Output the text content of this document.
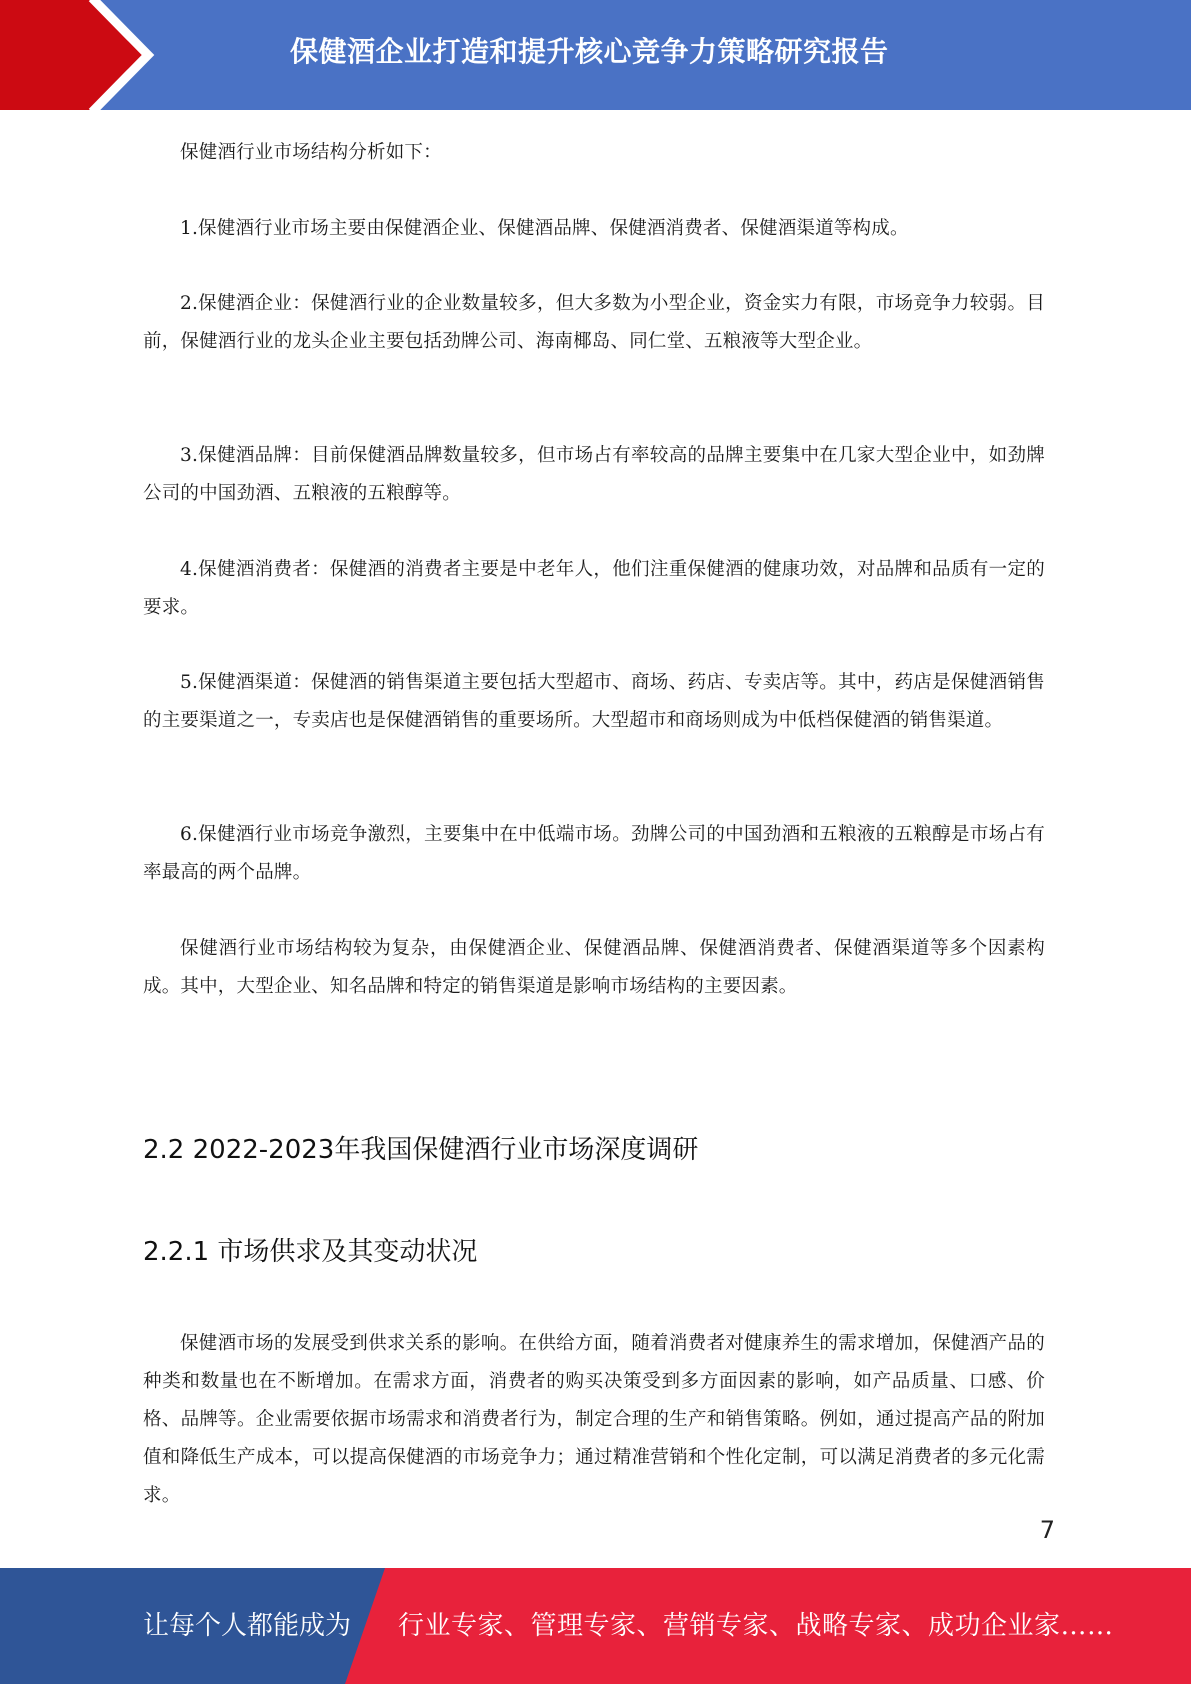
保健酒企业打造和提升核心竞争力策略研究报告

保健酒行业市场结构分析如下：

1.保健酒行业市场主要由保健酒企业、保健酒品牌、保健酒消费者、保健酒渠道等构成。

2.保健酒企业：保健酒行业的企业数量较多，但大多数为小型企业，资金实力有限，市场竞争力较弱。目前，保健酒行业的龙头企业主要包括劲牌公司、海南椰岛、同仁堂、五粮液等大型企业。

3.保健酒品牌：目前保健酒品牌数量较多，但市场占有率较高的品牌主要集中在几家大型企业中，如劲牌公司的中国劲酒、五粮液的五粮醇等。

4.保健酒消费者：保健酒的消费者主要是中老年人，他们注重保健酒的健康功效，对品牌和品质有一定的要求。

5.保健酒渠道：保健酒的销售渠道主要包括大型超市、商场、药店、专卖店等。其中，药店是保健酒销售的主要渠道之一，专卖店也是保健酒销售的重要场所。大型超市和商场则成为中低档保健酒的销售渠道。

6.保健酒行业市场竞争激烈，主要集中在中低端市场。劲牌公司的中国劲酒和五粮液的五粮醇是市场占有率最高的两个品牌。

保健酒行业市场结构较为复杂，由保健酒企业、保健酒品牌、保健酒消费者、保健酒渠道等多个因素构成。其中，大型企业、知名品牌和特定的销售渠道是影响市场结构的主要因素。

2.2 2022-2023年我国保健酒行业市场深度调研
2.2.1 市场供求及其变动状况

保健酒市场的发展受到供求关系的影响。在供给方面，随着消费者对健康养生的需求增加，保健酒产品的种类和数量也在不断增加。在需求方面，消费者的购买决策受到多方面因素的影响，如产品质量、口感、价格、品牌等。企业需要依据市场需求和消费者行为，制定合理的生产和销售策略。例如，通过提高产品的附加值和降低生产成本，可以提高保健酒的市场竞争力；通过精准营销和个性化定制，可以满足消费者的多元化需求。

7
让每个人都能成为 行业专家、管理专家、营销专家、战略专家、成功企业家……
